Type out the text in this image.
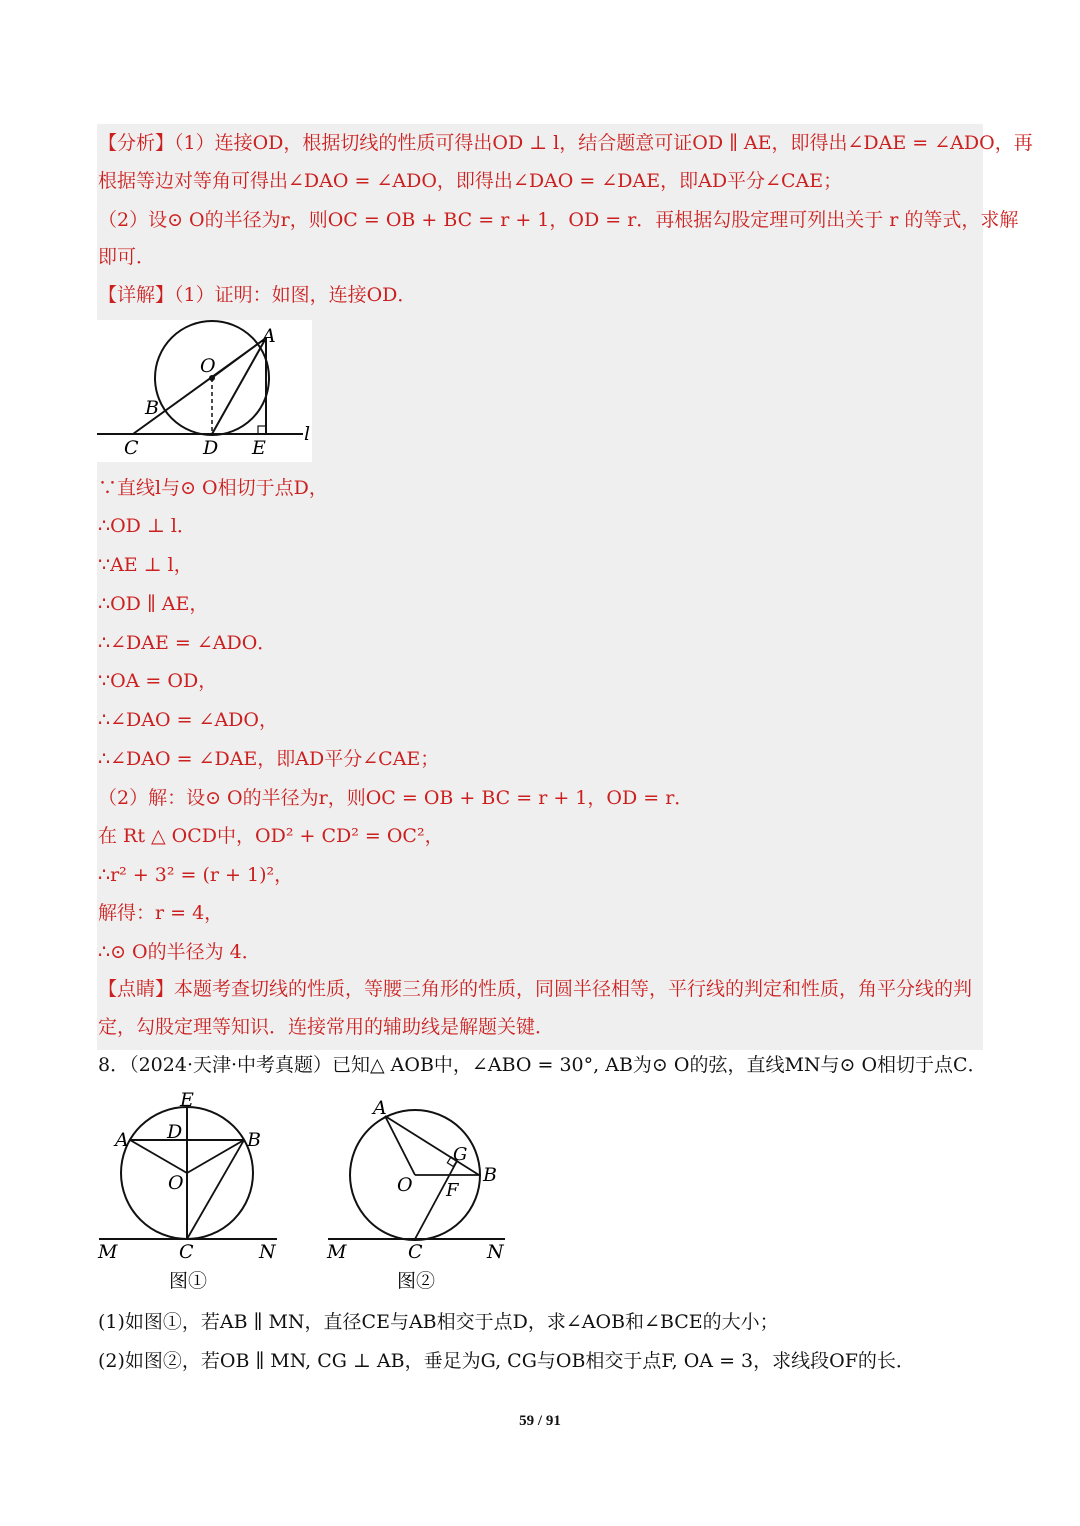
【分析】（1）连接OD，根据切线的性质可得出OD ⊥ l，结合题意可证OD ∥ AE，即得出∠DAE = ∠ADO，再
根据等边对等角可得出∠DAO = ∠ADO，即得出∠DAO = ∠DAE，即AD平分∠CAE；
（2）设⊙ O的半径为r，则OC = OB + BC = r + 1，OD = r．再根据勾股定理可列出关于 r 的等式，求解
即可．
【详解】（1）证明：如图，连接OD．
A
O
B
C	D E
l
∵直线l与⊙ O相切于点D，
∴OD ⊥ l．
∵AE ⊥ l，
∴OD ∥ AE，
∴∠DAE = ∠ADO．
∵OA = OD，
∴∠DAO = ∠ADO，
∴∠DAO = ∠DAE，即AD平分∠CAE；
（2）解：设⊙ O的半径为r，则OC = OB + BC = r + 1，OD = r．
在 Rt △ OCD中，OD² + CD² = OC²，
∴r² + 3² = (r + 1)²，
解得：r = 4，
∴⊙ O的半径为 4．
【点睛】本题考查切线的性质，等腰三角形的性质，同圆半径相等，平行线的判定和性质，角平分线的判
定，勾股定理等知识．连接常用的辅助线是解题关键．
8．（2024·天津·中考真题）已知△ AOB中，∠ABO = 30°, AB为⊙ O的弦，直线MN与⊙ O相切于点C．
E
A D	B
O
M	C	N
图①
A
G
O F
B
M	C	N
图②
(1)如图①，若AB ∥ MN，直径CE与AB相交于点D，求∠AOB和∠BCE的大小；
(2)如图②，若OB ∥ MN, CG ⊥ AB，垂足为G, CG与OB相交于点F, OA = 3，求线段OF的长．
59 / 91
